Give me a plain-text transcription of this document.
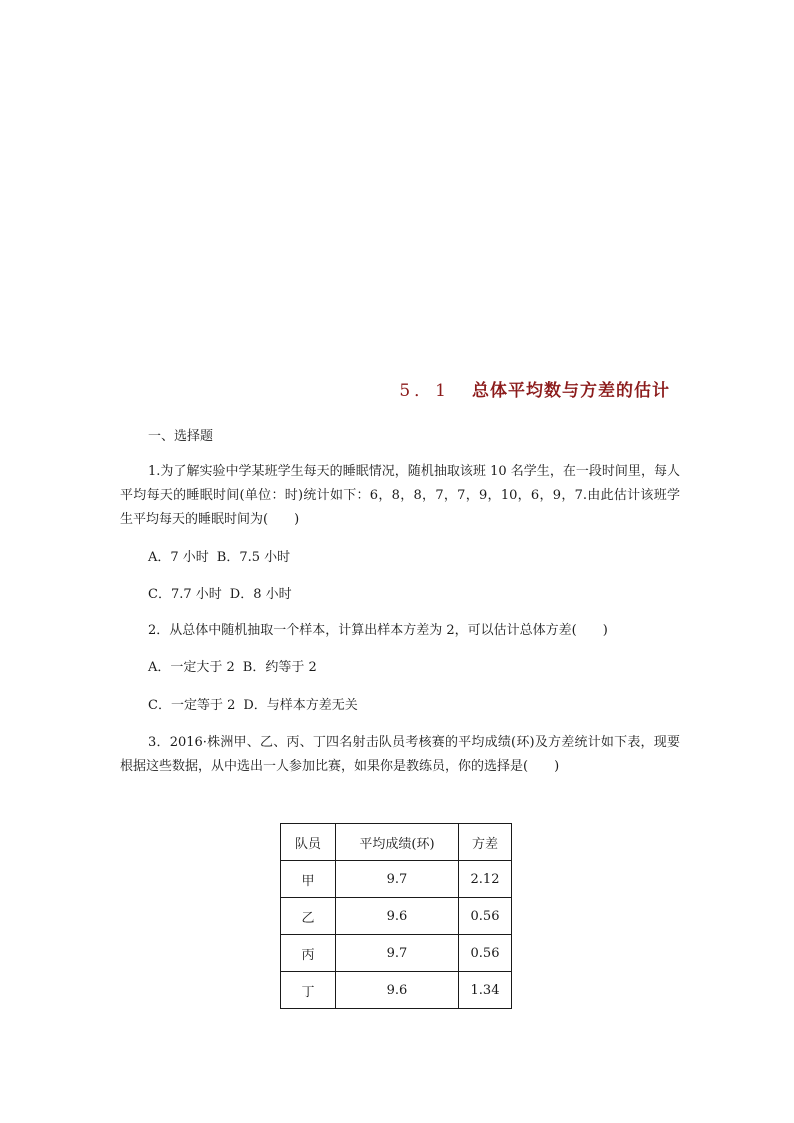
5．1 总体平均数与方差的估计
一、选择题
1.为了解实验中学某班学生每天的睡眠情况，随机抽取该班 10 名学生，在一段时间里，每人平均每天的睡眠时间(单位：时)统计如下：6，8，8，7，7，9，10，6，9，7.由此估计该班学生平均每天的睡眠时间为(　　)
A．7 小时 B．7.5 小时
C．7.7 小时 D．8 小时
2．从总体中随机抽取一个样本，计算出样本方差为 2，可以估计总体方差(　　)
A．一定大于 2 B．约等于 2
C．一定等于 2 D．与样本方差无关
3．2016·株洲甲、乙、丙、丁四名射击队员考核赛的平均成绩(环)及方差统计如下表，现要根据这些数据，从中选出一人参加比赛，如果你是教练员，你的选择是(　　)
队员	平均成绩(环)	方差
甲	9.7	2.12
乙	9.6	0.56
丙	9.7	0.56
丁	9.6	1.34
